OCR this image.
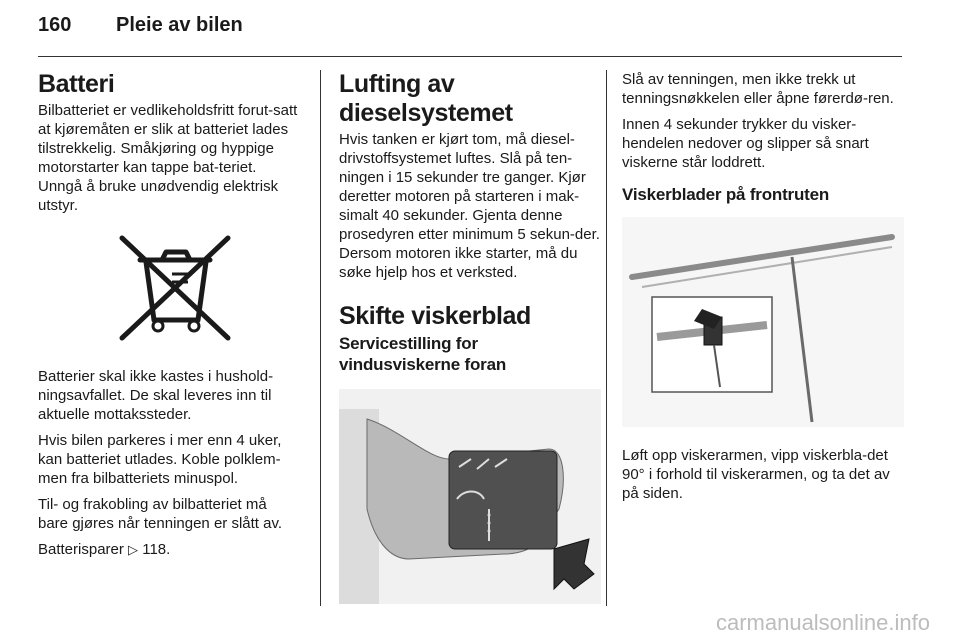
160 Pleie av bilen
Batteri

Bilbatteriet er vedlikeholdsfritt forut-satt at kjøremåten er slik at batteriet lades tilstrekkelig. Småkjøring og hyppige motorstarter kan tappe bat-teriet. Unngå å bruke unødvendig elektrisk utstyr.

Batterier skal ikke kastes i hushold-ningsavfallet. De skal leveres inn til aktuelle mottakssteder.

Hvis bilen parkeres i mer enn 4 uker, kan batteriet utlades. Koble polklem-men fra bilbatteriets minuspol.

Til- og frakobling av bilbatteriet må bare gjøres når tenningen er slått av.

Batterisparer ▷ 118.

Lufting av dieselsystemet

Hvis tanken er kjørt tom, må diesel-drivstoffsystemet luftes. Slå på ten-ningen i 15 sekunder tre ganger. Kjør deretter motoren på starteren i mak-simalt 40 sekunder. Gjenta denne prosedyren etter minimum 5 sekun-der. Dersom motoren ikke starter, må du søke hjelp hos et verksted.

Skifte viskerblad
Servicestilling for vindusviskerne foran

Slå av tenningen, men ikke trekk ut tenningsnøkkelen eller åpne førerdø-ren.

Innen 4 sekunder trykker du visker-hendelen nedover og slipper så snart viskerne står loddrett.

Viskerblader på frontruten

Løft opp viskerarmen, vipp viskerbla-det 90° i forhold til viskerarmen, og ta det av på siden.

carmanualsonline.info
